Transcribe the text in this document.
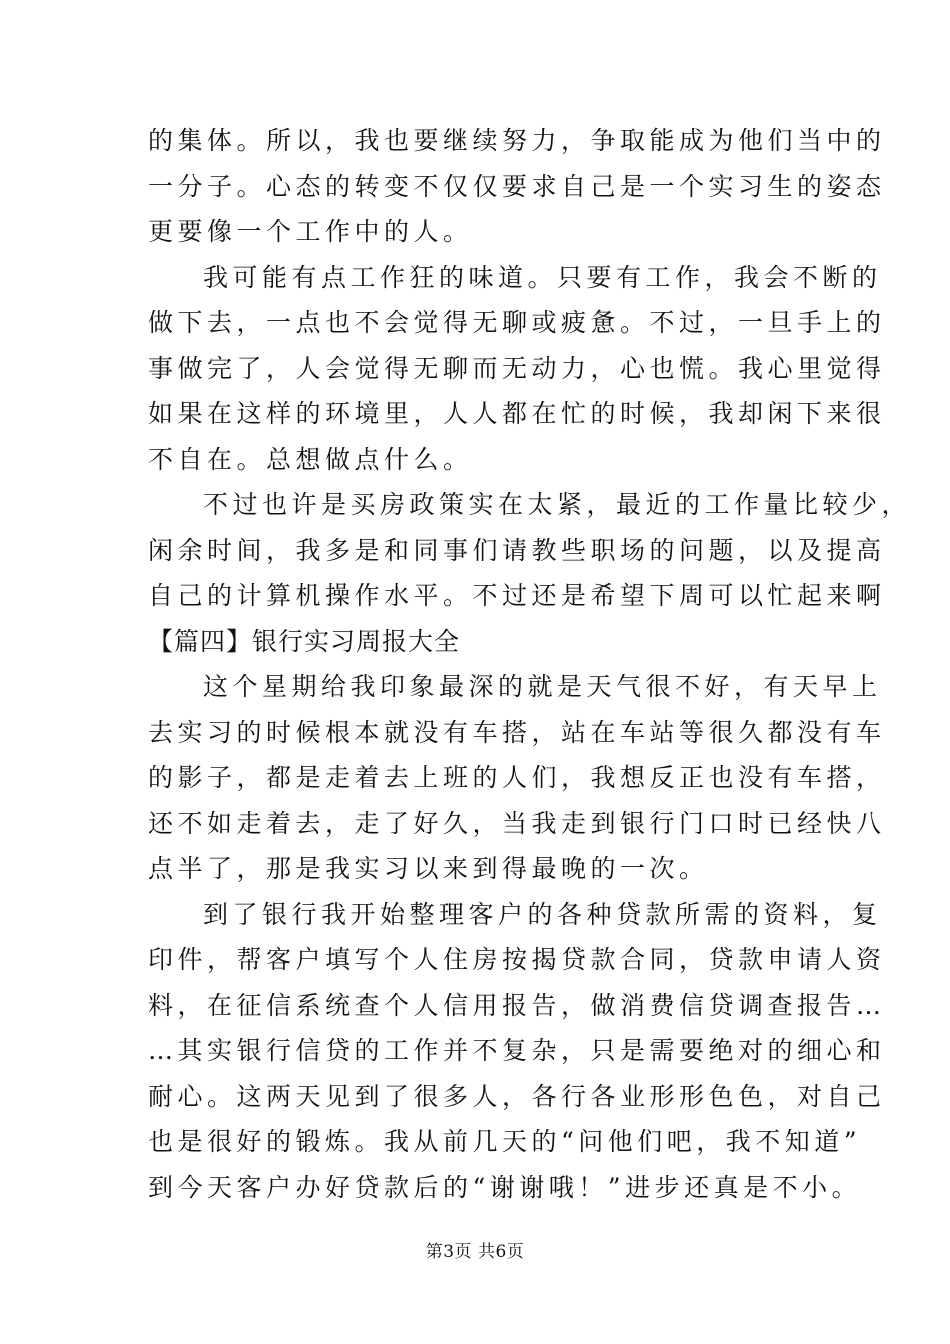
的集体。所以，我也要继续努力，争取能成为他们当中的
一分子。心态的转变不仅仅要求自己是一个实习生的姿态
更要像一个工作中的人。
我可能有点工作狂的味道。只要有工作，我会不断的
做下去，一点也不会觉得无聊或疲惫。不过，一旦手上的
事做完了，人会觉得无聊而无动力，心也慌。我心里觉得
如果在这样的环境里，人人都在忙的时候，我却闲下来很
不自在。总想做点什么。
不过也许是买房政策实在太紧，最近的工作量比较少，
闲余时间，我多是和同事们请教些职场的问题，以及提高
自己的计算机操作水平。不过还是希望下周可以忙起来啊
【篇四】银行实习周报大全
这个星期给我印象最深的就是天气很不好，有天早上
去实习的时候根本就没有车搭，站在车站等很久都没有车
的影子，都是走着去上班的人们，我想反正也没有车搭，
还不如走着去，走了好久，当我走到银行门口时已经快八
点半了，那是我实习以来到得最晚的一次。
到了银行我开始整理客户的各种贷款所需的资料，复
印件，帮客户填写个人住房按揭贷款合同，贷款申请人资
料，在征信系统查个人信用报告，做消费信贷调查报告…
…其实银行信贷的工作并不复杂，只是需要绝对的细心和
耐心。这两天见到了很多人，各行各业形形色色，对自己
也是很好的锻炼。我从前几天的“问他们吧，我不知道”
到今天客户办好贷款后的“谢谢哦！”进步还真是不小。
第3页 共6页
